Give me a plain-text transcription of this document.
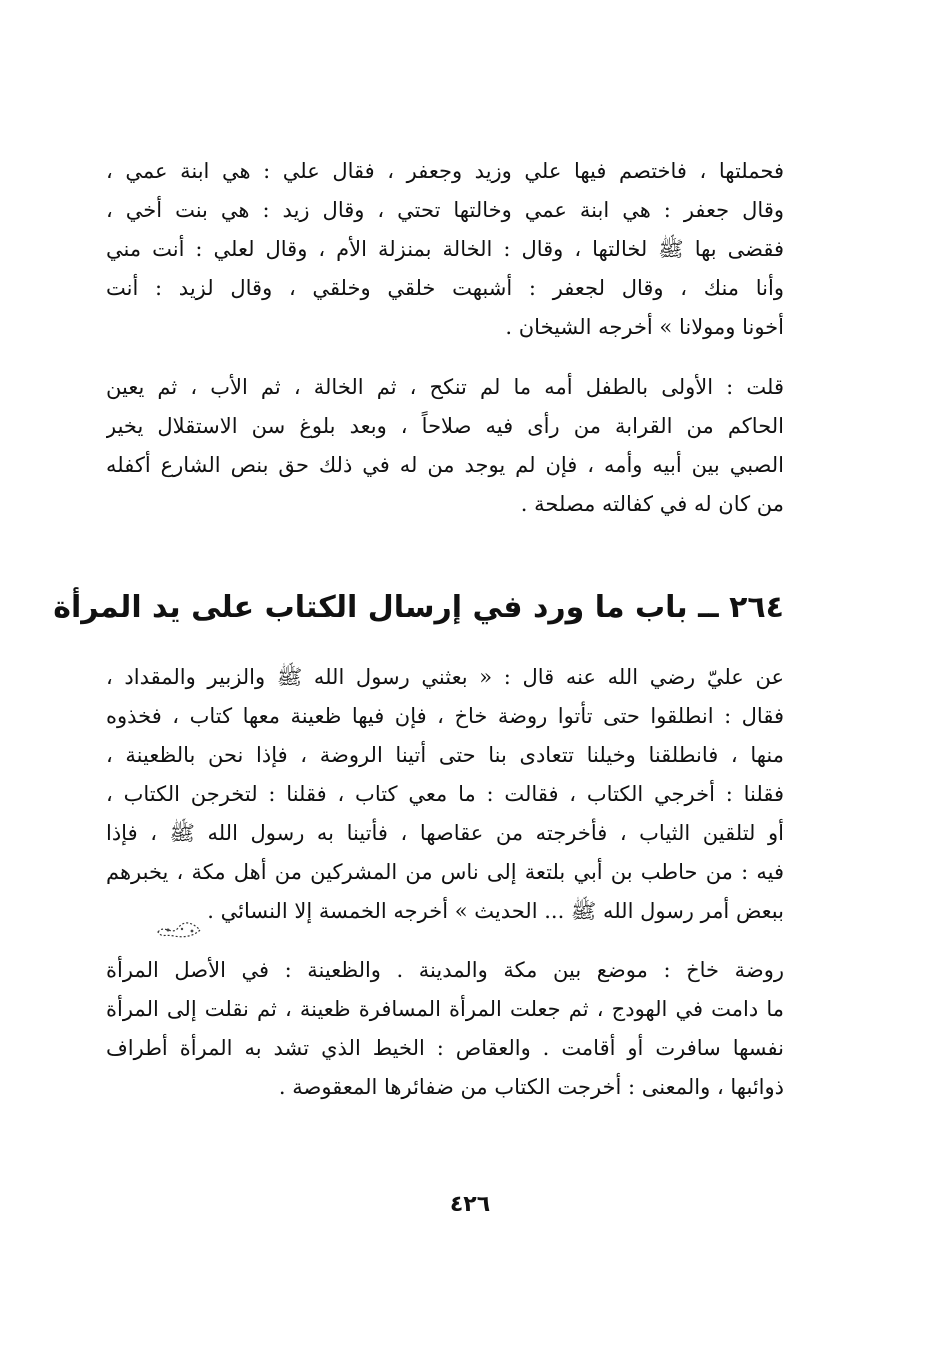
فحملتها ، فاختصم فيها علي وزيد وجعفر ، فقال علي : هي ابنة عمي ،
وقال جعفر : هي ابنة عمي وخالتها تحتي ، وقال زيد : هي بنت أخي ،
فقضى بها ﷺ لخالتها ، وقال : الخالة بمنزلة الأم ، وقال لعلي : أنت مني
وأنا منك ، وقال لجعفر : أشبهت خلقي وخلقي ، وقال لزيد : أنت
أخونا ومولانا » أخرجه الشيخان .
قلت : الأولى بالطفل أمه ما لم تنكح ، ثم الخالة ، ثم الأب ، ثم يعين
الحاكم من القرابة من رأى فيه صلاحاً ، وبعد بلوغ سن الاستقلال يخير
الصبي بين أبيه وأمه ، فإن لم يوجد من له في ذلك حق بنص الشارع أكفله
من كان له في كفالته مصلحة .
٢٦٤ ــ باب ما ورد في إرسال الكتاب على يد المرأة
عن عليّ رضي الله عنه قال : « بعثني رسول الله ﷺ والزبير والمقداد ،
فقال : انطلقوا حتى تأتوا روضة خاخ ، فإن فيها ظعينة معها كتاب ، فخذوه
منها ، فانطلقنا وخيلنا تتعادى بنا حتى أتينا الروضة ، فإذا نحن بالظعينة ،
فقلنا : أخرجي الكتاب ، فقالت : ما معي كتاب ، فقلنا : لتخرجن الكتاب ،
أو لتلقين الثياب ، فأخرجته من عقاصها ، فأتينا به رسول الله ﷺ ، فإذا
فيه : من حاطب بن أبي بلتعة إلى ناس من المشركين من أهل مكة ، يخبرهم
ببعض أمر رسول الله ﷺ ... الحديث » أخرجه الخمسة إلا النسائي .
روضة خاخ : موضع بين مكة والمدينة . والظعينة : في الأصل المرأة
ما دامت في الهودج ، ثم جعلت المرأة المسافرة ظعينة ، ثم نقلت إلى المرأة
نفسها سافرت أو أقامت . والعقاص : الخيط الذي تشد به المرأة أطراف
ذوائبها ، والمعنى : أخرجت الكتاب من ضفائرها المعقوصة .
٤٢٦
